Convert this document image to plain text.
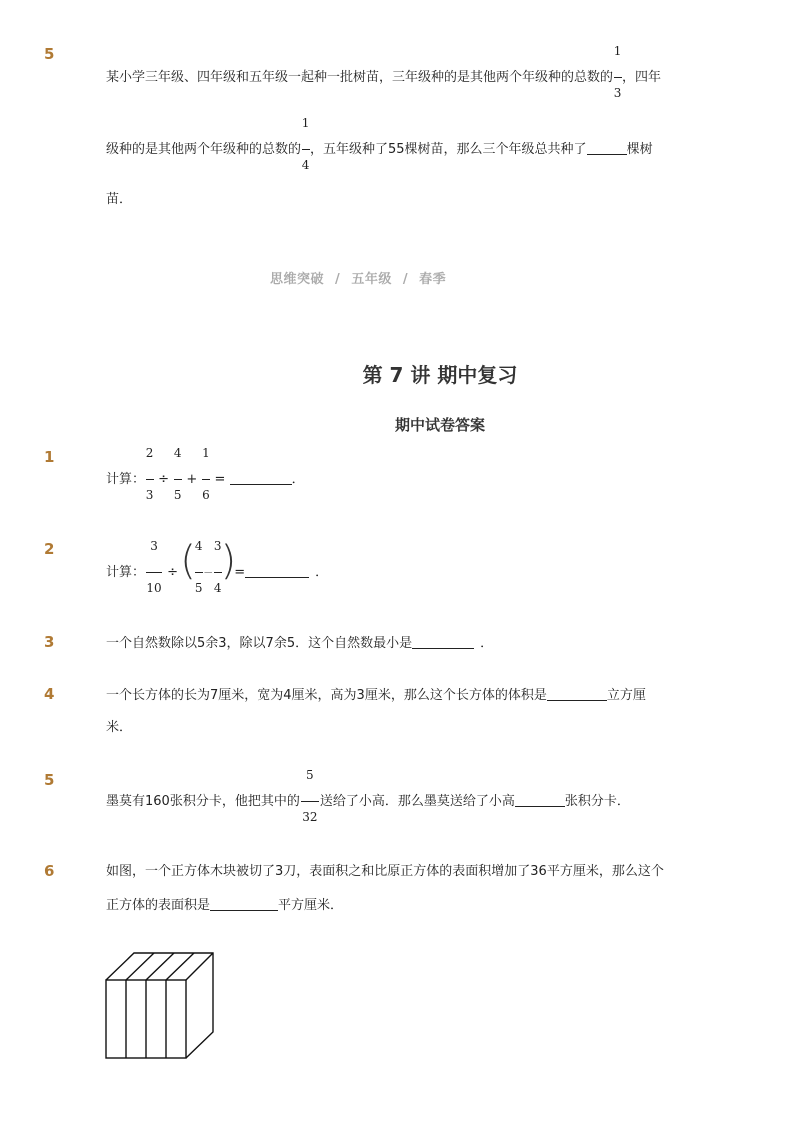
5
某小学三年级、四年级和五年级一起种一批树苗，三年级种的是其他两个年级种的总数的 $\frac{1}{3}$ ，四年
级种的是其他两个年级种的总数的 $\frac{1}{4}$ ，五年级种了55棵树苗，那么三个年级总共种了	棵树
苗．
思维突破 / 五年级 / 春季
第 7 讲 期中复习
期中试卷答案
1
计算： $\frac{2}{3} \div \frac{4}{5} + \frac{1}{6}$ =	．
2
计算： $\frac{3}{10}$ ÷ (
$\frac{4}{5} - \frac{3}{4}$
)
=	．
3	一个自然数除以5余3，除以7余5．这个自然数最小是	．
4	一个长方体的长为7厘米，宽为4厘米，高为3厘米，那么这个长方体的体积是	立方厘
米．
5
墨莫有160张积分卡，他把其中的 $\frac{5}{32}$ 送给了小高．那么墨莫送给了小高	张积分卡．
6	如图，一个正方体木块被切了3刀，表面积之和比原正方体的表面积增加了36平方厘米，那么这个
正方体的表面积是	平方厘米．
